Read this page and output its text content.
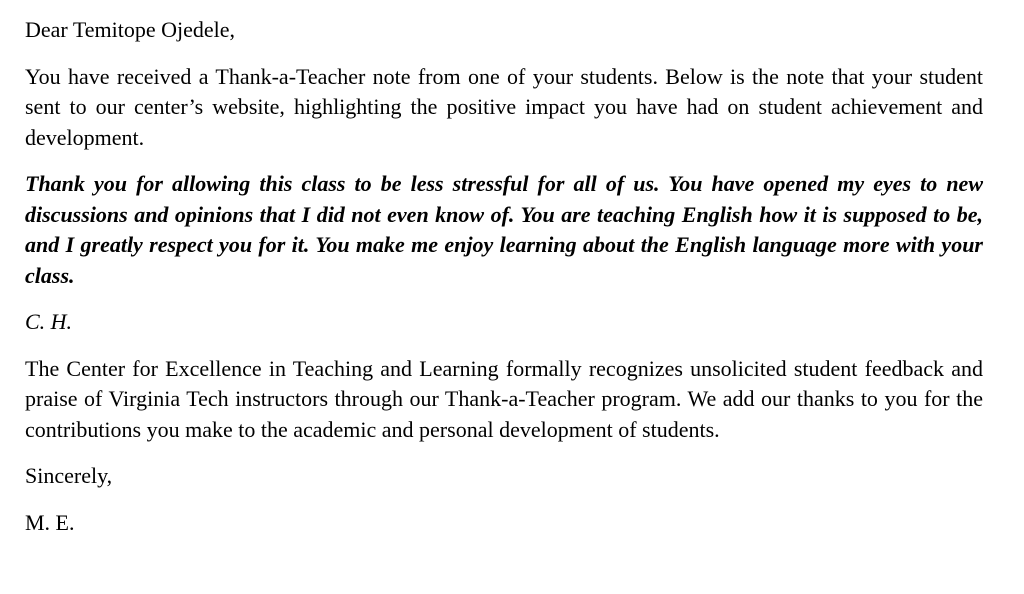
Dear Temitope Ojedele,

You have received a Thank-a-Teacher note from one of your students. Below is the note that your student sent to our center’s website, highlighting the positive impact you have had on student achievement and development.

Thank you for allowing this class to be less stressful for all of us. You have opened my eyes to new discussions and opinions that I did not even know of. You are teaching English how it is supposed to be, and I greatly respect you for it. You make me enjoy learning about the English language more with your class.

C. H.

The Center for Excellence in Teaching and Learning formally recognizes unsolicited student feedback and praise of Virginia Tech instructors through our Thank-a-Teacher program. We add our thanks to you for the contributions you make to the academic and personal development of students.

Sincerely,

M. E.
